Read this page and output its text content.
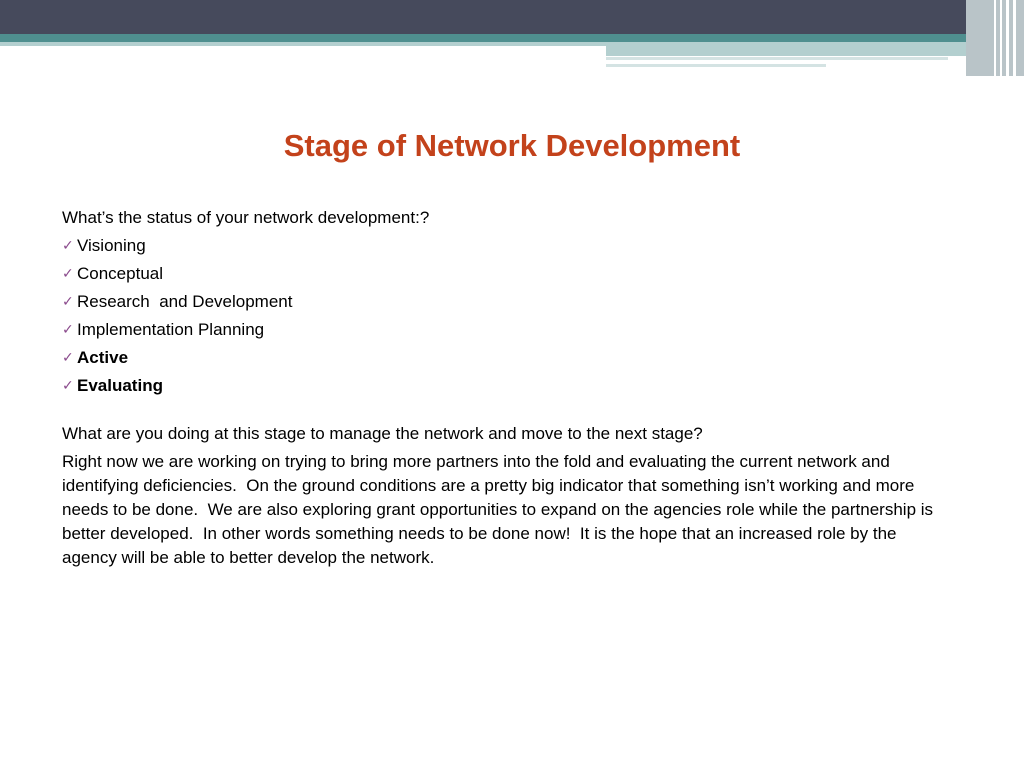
Stage of Network Development

What’s the status of your network development:?

✓ Visioning
✓ Conceptual
✓ Research  and Development
✓ Implementation Planning
✓ Active
✓ Evaluating

What are you doing at this stage to manage the network and move to the next stage?

Right now we are working on trying to bring more partners into the fold and evaluating the current network and identifying deficiencies.  On the ground conditions are a pretty big indicator that something isn’t working and more needs to be done.  We are also exploring grant opportunities to expand on the agencies role while the partnership is better developed.  In other words something needs to be done now!  It is the hope that an increased role by the agency will be able to better develop the network.
